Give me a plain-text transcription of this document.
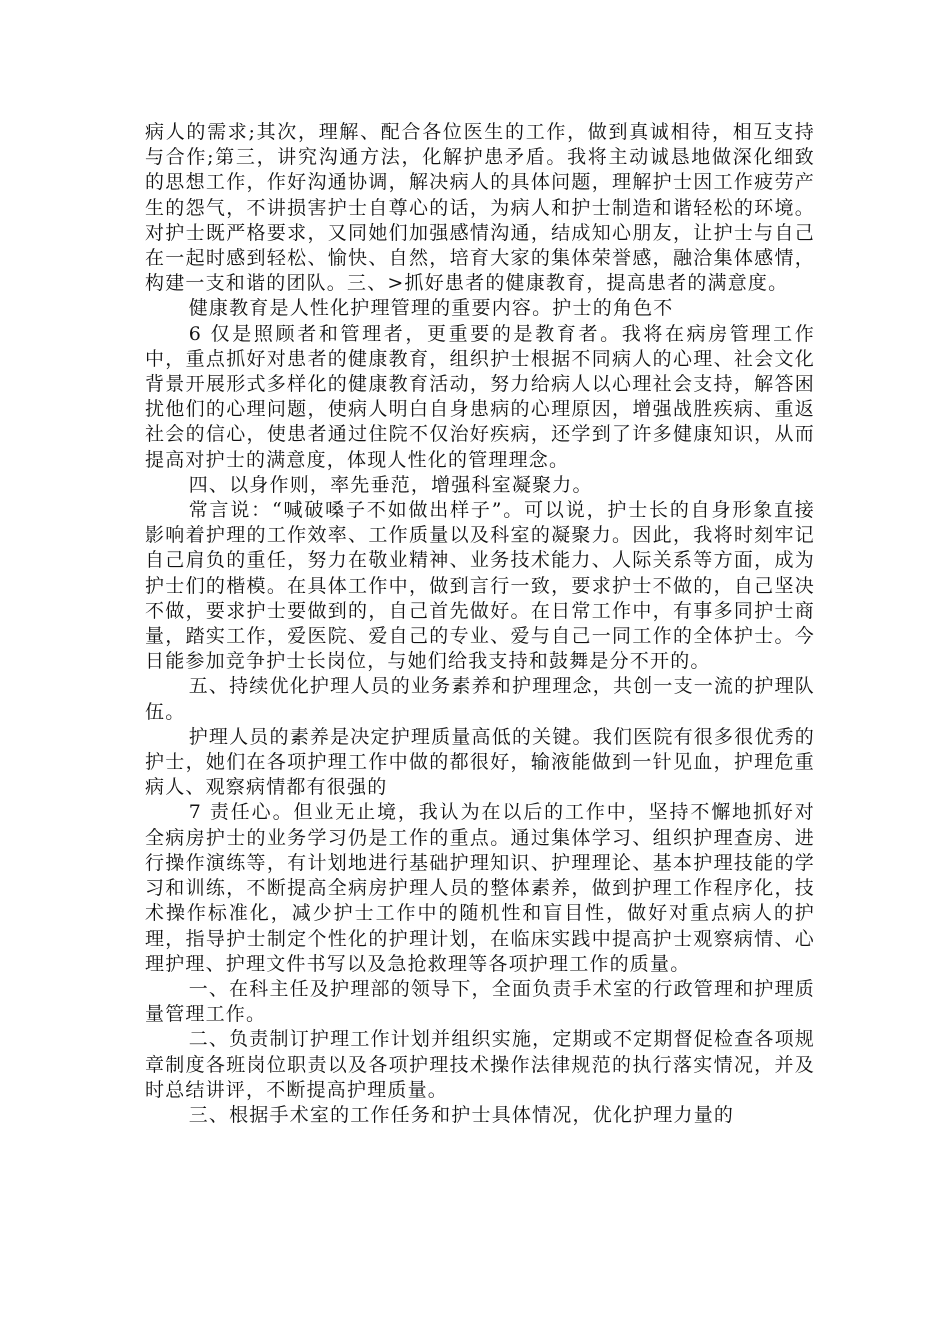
病人的需求;其次，理解、配合各位医生的工作，做到真诚相待，相互支持与合作;第三，讲究沟通方法，化解护患矛盾。我将主动诚恳地做深化细致的思想工作，作好沟通协调，解决病人的具体问题，理解护士因工作疲劳产生的怨气，不讲损害护士自尊心的话，为病人和护士制造和谐轻松的环境。对护士既严格要求，又同她们加强感情沟通，结成知心朋友，让护士与自己在一起时感到轻松、愉快、自然，培育大家的集体荣誉感，融洽集体感情，构建一支和谐的团队。三、>抓好患者的健康教育，提高患者的满意度。

健康教育是人性化护理管理的重要内容。护士的角色不

6 仅是照顾者和管理者，更重要的是教育者。我将在病房管理工作中，重点抓好对患者的健康教育，组织护士根据不同病人的心理、社会文化背景开展形式多样化的健康教育活动，努力给病人以心理社会支持，解答困扰他们的心理问题，使病人明白自身患病的心理原因，增强战胜疾病、重返社会的信心，使患者通过住院不仅治好疾病，还学到了许多健康知识，从而提高对护士的满意度，体现人性化的管理理念。

四、以身作则，率先垂范，增强科室凝聚力。

常言说：“喊破嗓子不如做出样子”。可以说，护士长的自身形象直接影响着护理的工作效率、工作质量以及科室的凝聚力。因此，我将时刻牢记自己肩负的重任，努力在敬业精神、业务技术能力、人际关系等方面，成为护士们的楷模。在具体工作中，做到言行一致，要求护士不做的，自己坚决不做，要求护士要做到的，自己首先做好。在日常工作中，有事多同护士商量，踏实工作，爱医院、爱自己的专业、爱与自己一同工作的全体护士。今日能参加竞争护士长岗位，与她们给我支持和鼓舞是分不开的。

五、持续优化护理人员的业务素养和护理理念，共创一支一流的护理队伍。

护理人员的素养是决定护理质量高低的关键。我们医院有很多很优秀的护士，她们在各项护理工作中做的都很好，输液能做到一针见血，护理危重病人、观察病情都有很强的

7 责任心。但业无止境，我认为在以后的工作中，坚持不懈地抓好对全病房护士的业务学习仍是工作的重点。通过集体学习、组织护理查房、进行操作演练等，有计划地进行基础护理知识、护理理论、基本护理技能的学习和训练，不断提高全病房护理人员的整体素养，做到护理工作程序化，技术操作标准化，减少护士工作中的随机性和盲目性，做好对重点病人的护理，指导护士制定个性化的护理计划，在临床实践中提高护士观察病情、心理护理、护理文件书写以及急抢救理等各项护理工作的质量。

一、在科主任及护理部的领导下，全面负责手术室的行政管理和护理质量管理工作。

二、负责制订护理工作计划并组织实施，定期或不定期督促检查各项规章制度各班岗位职责以及各项护理技术操作法律规范的执行落实情况，并及时总结讲评，不断提高护理质量。

三、根据手术室的工作任务和护士具体情况，优化护理力量的
